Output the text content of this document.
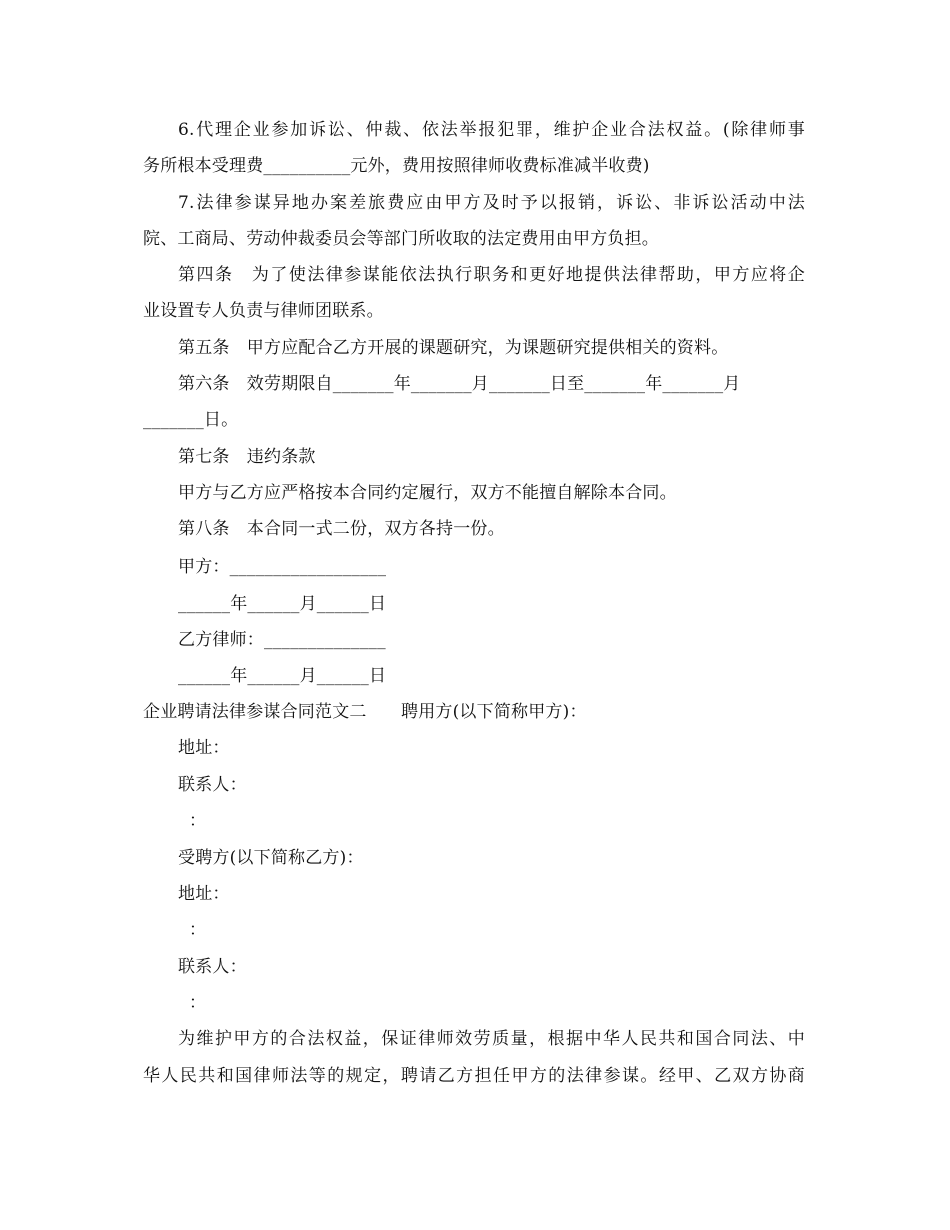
6.代理企业参加诉讼、仲裁、依法举报犯罪，维护企业合法权益。(除律师事
务所根本受理费__________元外，费用按照律师收费标准减半收费)
7.法律参谋异地办案差旅费应由甲方及时予以报销，诉讼、非诉讼活动中法
院、工商局、劳动仲裁委员会等部门所收取的法定费用由甲方负担。
第四条　为了使法律参谋能依法执行职务和更好地提供法律帮助，甲方应将企
业设置专人负责与律师团联系。
第五条　甲方应配合乙方开展的课题研究，为课题研究提供相关的资料。
第六条　效劳期限自_______年_______月_______日至_______年_______月
_______日。
第七条　违约条款
甲方与乙方应严格按本合同约定履行，双方不能擅自解除本合同。
第八条　本合同一式二份，双方各持一份。
甲方：__________________
______年______月______日
乙方律师：______________
______年______月______日
企业聘请法律参谋合同范文二　　聘用方(以下简称甲方)：
地址：
联系人：
：
受聘方(以下简称乙方)：
地址：
：
联系人：
：
为维护甲方的合法权益，保证律师效劳质量，根据中华人民共和国合同法、中
华人民共和国律师法等的规定，聘请乙方担任甲方的法律参谋。经甲、乙双方协商
